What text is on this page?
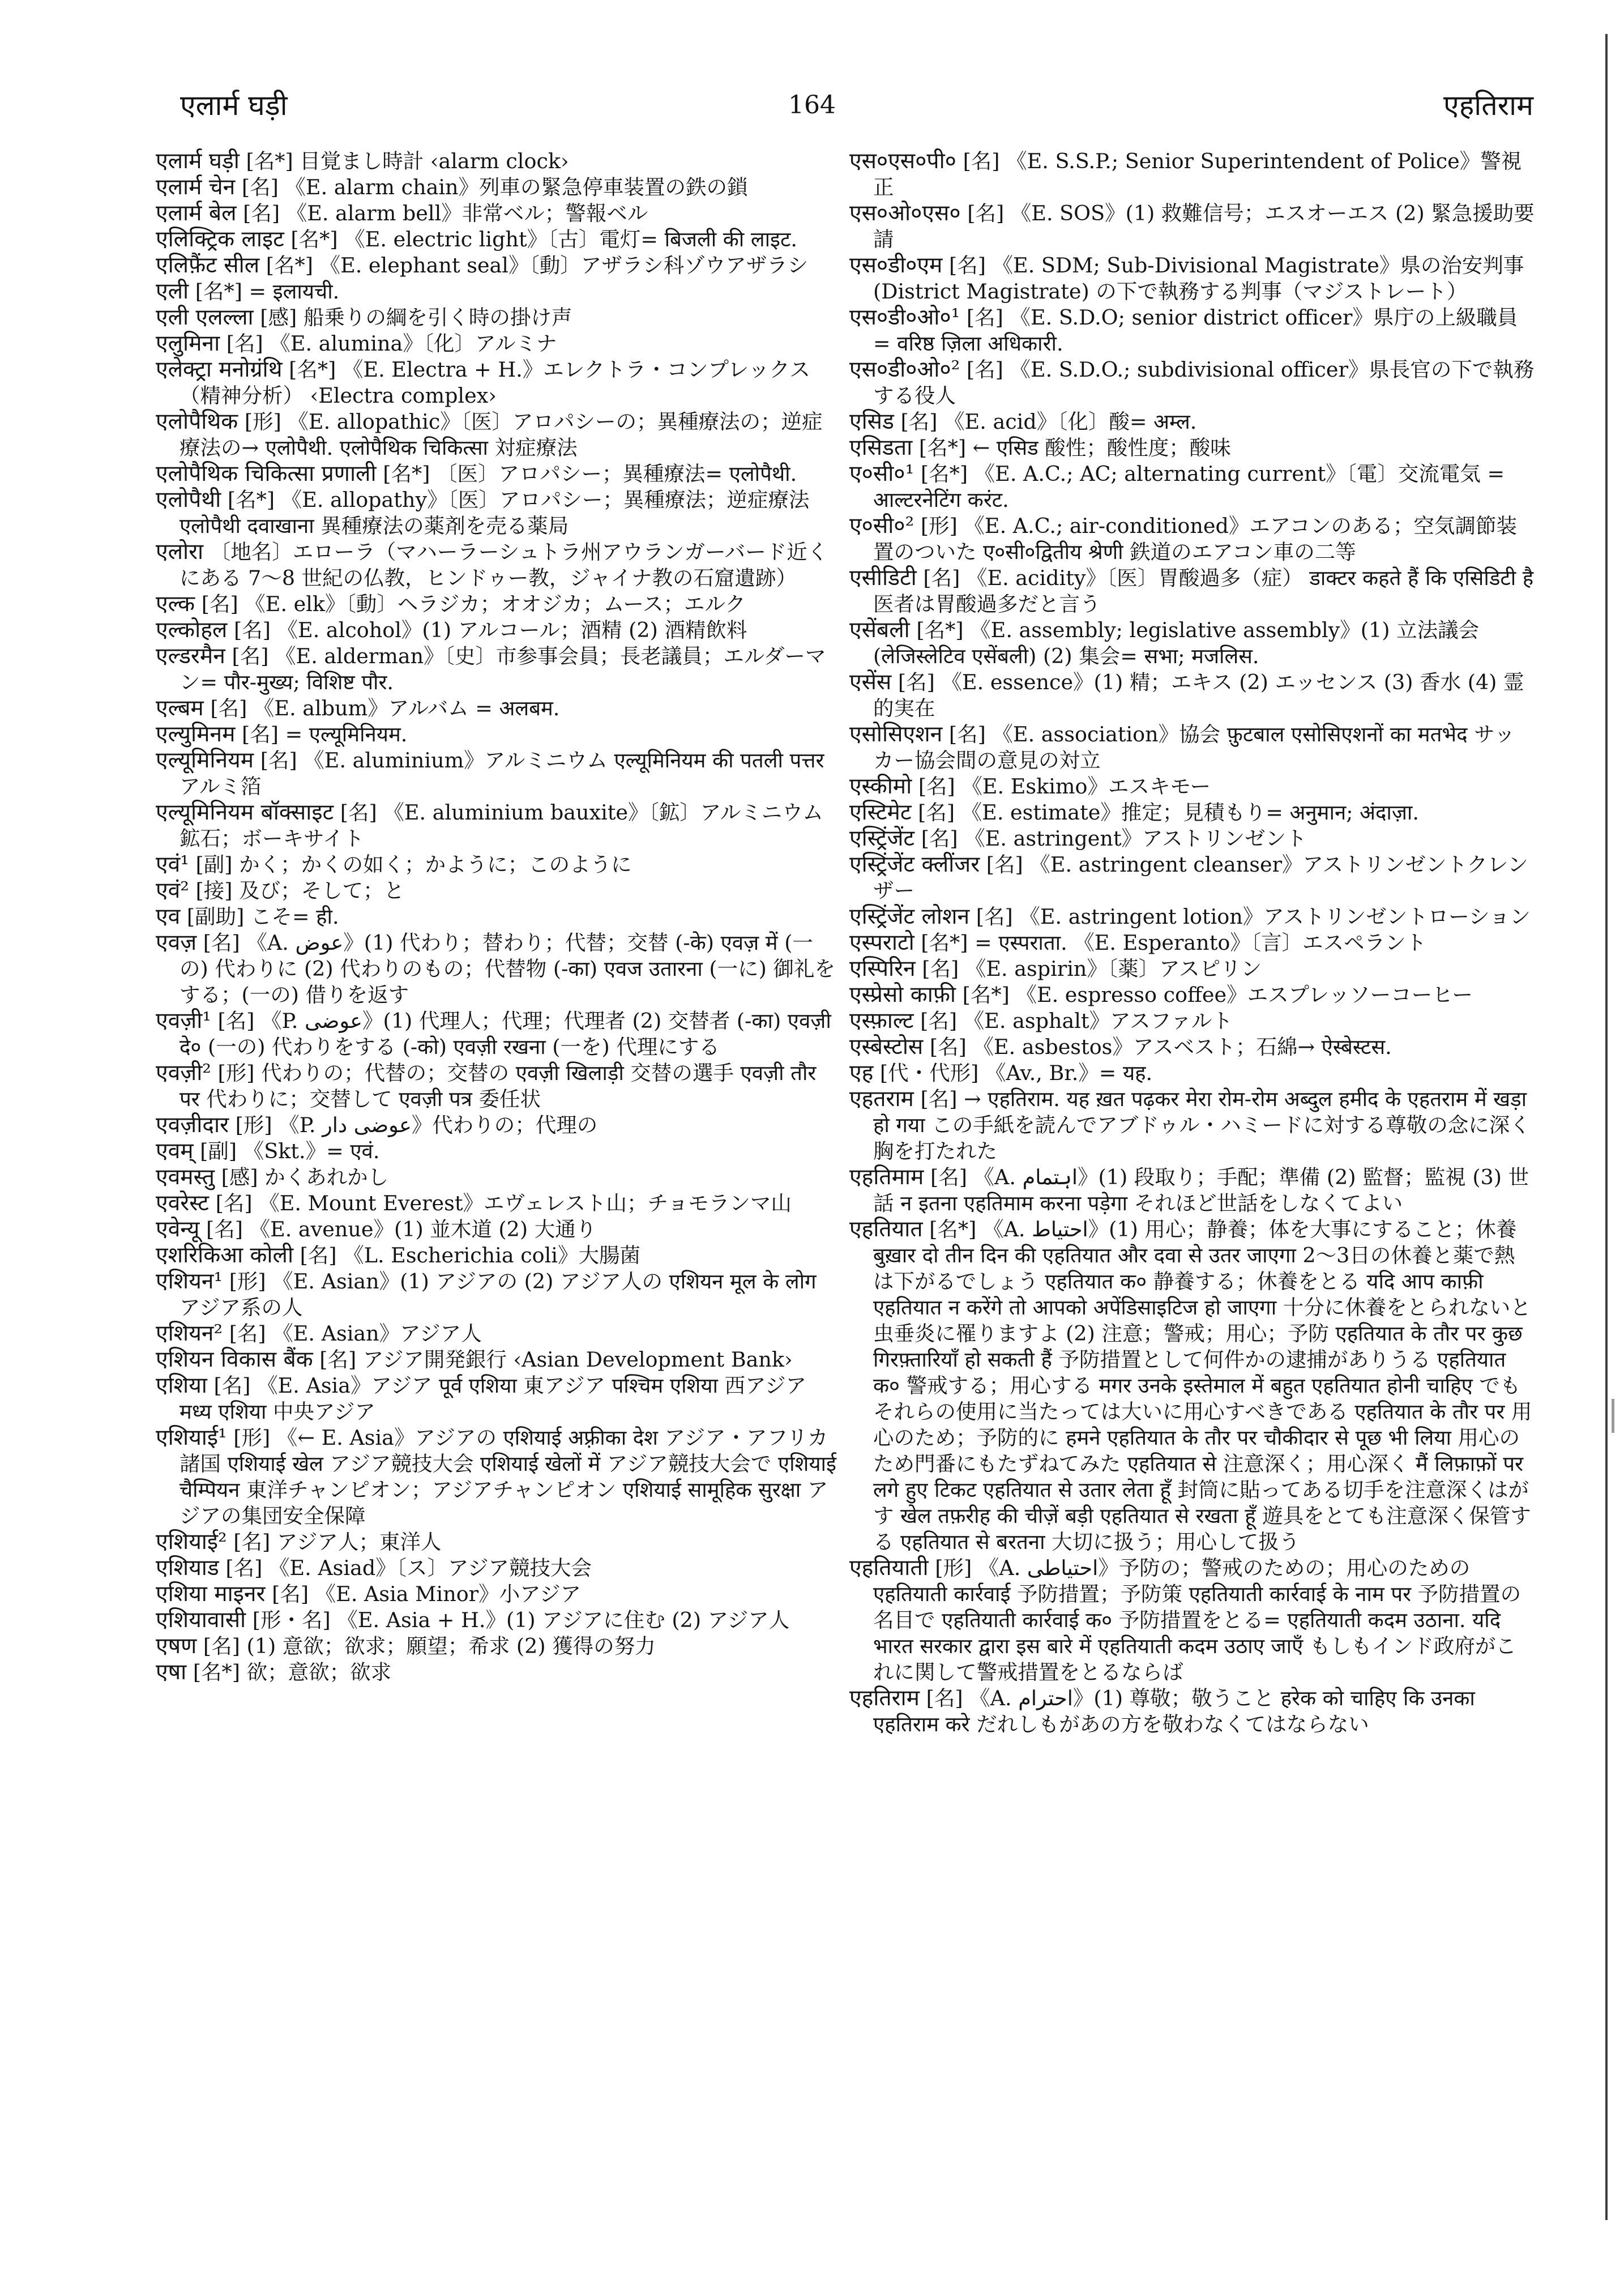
एलार्म घड़ी	164	एहतिराम

एलार्म घड़ी [名*] 目覚まし時計 ‹alarm clock›

एलार्म चेन [名] 《E. alarm chain》列車の緊急停車装置の鉄の鎖

एलार्म बेल [名] 《E. alarm bell》非常ベル；警報ベル

एलिक्ट्रिक लाइट [名*] 《E. electric light》〔古〕電灯= बिजली की लाइट.

एलिफ़ैंट सील [名*] 《E. elephant seal》〔動〕アザラシ科ゾウアザラシ

एली [名*] = इलायची.

एली एलल्ला [感] 船乗りの綱を引く時の掛け声

एलुमिना [名] 《E. alumina》〔化〕アルミナ

एलेक्ट्रा मनोग्रंथि [名*] 《E. Electra + H.》エレクトラ・コンプレックス（精神分析） ‹Electra complex›

एलोपैथिक [形] 《E. allopathic》〔医〕アロパシーの；異種療法の；逆症療法の→ एलोपैथी. एलोपैथिक चिकित्सा 対症療法

एलोपैथिक चिकित्सा प्रणाली [名*] 〔医〕アロパシー；異種療法= एलोपैथी.

एलोपैथी [名*] 《E. allopathy》〔医〕アロパシー；異種療法；逆症療法 एलोपैथी दवाखाना 異種療法の薬剤を売る薬局

एलोरा 〔地名〕エローラ（マハーラーシュトラ州アウランガーバード近くにある 7〜8 世紀の仏教，ヒンドゥー教，ジャイナ教の石窟遺跡）

एल्क [名] 《E. elk》〔動〕ヘラジカ；オオジカ；ムース；エルク

एल्कोहल [名] 《E. alcohol》(1) アルコール；酒精 (2) 酒精飲料

एल्डरमैन [名] 《E. alderman》〔史〕市参事会員；長老議員；エルダーマン= पौर-मुख्य; विशिष्ट पौर.

एल्बम [名] 《E. album》アルバム = अलबम.

एल्युमिनम [名] = एल्यूमिनियम.

एल्यूमिनियम [名] 《E. aluminium》アルミニウム एल्यूमिनियम की पतली पत्तर アルミ箔

एल्यूमिनियम बॉक्साइट [名] 《E. aluminium bauxite》〔鉱〕アルミニウム鉱石；ボーキサイト

एवं¹ [副] かく；かくの如く；かように；このように

एवं² [接] 及び；そして；と

एव [副助] こそ= ही.

एवज़ [名] 《A. عوض》(1) 代わり；替わり；代替；交替 (-के) एवज़ में (一の) 代わりに (2) 代わりのもの；代替物 (-का) एवज उतारना (一に) 御礼をする；(一の) 借りを返す

एवज़ी¹ [名] 《P. عوضی》(1) 代理人；代理；代理者 (2) 交替者 (-का) एवज़ी दे० (一の) 代わりをする (-को) एवज़ी रखना (一を) 代理にする

एवज़ी² [形] 代わりの；代替の；交替の एवज़ी खिलाड़ी 交替の選手 एवज़ी तौर पर 代わりに；交替して एवज़ी पत्र 委任状

एवज़ीदार [形] 《P. عوضی دار》代わりの；代理の

एवम् [副] 《Skt.》= एवं.

एवमस्तु [感] かくあれかし

एवरेस्ट [名] 《E. Mount Everest》エヴェレスト山；チョモランマ山

एवेन्यू [名] 《E. avenue》(1) 並木道 (2) 大通り

एशरिकिआ कोली [名] 《L. Escherichia coli》大腸菌

एशियन¹ [形] 《E. Asian》(1) アジアの (2) アジア人の एशियन मूल के लोग アジア系の人

एशियन² [名] 《E. Asian》アジア人

एशियन विकास बैंक [名] アジア開発銀行 ‹Asian Development Bank›

एशिया [名] 《E. Asia》アジア पूर्व एशिया 東アジア पश्चिम एशिया 西アジア मध्य एशिया 中央アジア

एशियाई¹ [形] 《← E. Asia》アジアの एशियाई अफ़्रीका देश アジア・アフリカ諸国 एशियाई खेल アジア競技大会 एशियाई खेलों में アジア競技大会で एशियाई चैम्पियन 東洋チャンピオン；アジアチャンピオン एशियाई सामूहिक सुरक्षा アジアの集団安全保障

एशियाई² [名] アジア人；東洋人

एशियाड [名] 《E. Asiad》〔ス〕アジア競技大会

एशिया माइनर [名] 《E. Asia Minor》小アジア

एशियावासी [形・名] 《E. Asia + H.》(1) アジアに住む (2) アジア人

एषण [名] (1) 意欲；欲求；願望；希求 (2) 獲得の努力

एषा [名*] 欲；意欲；欲求

एस०एस०पी० [名] 《E. S.S.P.; Senior Superintendent of Police》警視正

एस०ओ०एस० [名] 《E. SOS》(1) 救難信号；エスオーエス (2) 緊急援助要請

एस०डी०एम [名] 《E. SDM; Sub-Divisional Magistrate》県の治安判事 (District Magistrate) の下で執務する判事（マジストレート）

एस०डी०ओ०¹ [名] 《E. S.D.O; senior district officer》県庁の上級職員= वरिष्ठ ज़िला अधिकारी.

एस०डी०ओ०² [名] 《E. S.D.O.; subdivisional officer》県長官の下で執務する役人

एसिड [名] 《E. acid》〔化〕酸= अम्ल.

एसिडता [名*] ← एसिड 酸性；酸性度；酸味

ए०सी०¹ [名*] 《E. A.C.; AC; alternating current》〔電〕交流電気 = आल्टरनेटिंग करंट.

ए०सी०² [形] 《E. A.C.; air-conditioned》エアコンのある；空気調節装置のついた ए०सी०द्वितीय श्रेणी 鉄道のエアコン車の二等

एसीडिटी [名] 《E. acidity》〔医〕胃酸過多（症） डाक्टर कहते हैं कि एसिडिटी है 医者は胃酸過多だと言う

एसेंबली [名*] 《E. assembly; legislative assembly》(1) 立法議会 (लेजिस्लेटिव एसेंबली) (2) 集会= सभा; मजलिस.

एसेंस [名] 《E. essence》(1) 精；エキス (2) エッセンス (3) 香水 (4) 霊的実在

एसोसिएशन [名] 《E. association》協会 फ़ुटबाल एसोसिएशनों का मतभेद サッカー協会間の意見の対立

एस्कीमो [名] 《E. Eskimo》エスキモー

एस्टिमेट [名] 《E. estimate》推定；見積もり= अनुमान; अंदाज़ा.

एस्ट्रिंजेंट [名] 《E. astringent》アストリンゼント

एस्ट्रिंजेंट क्लींजर [名] 《E. astringent cleanser》アストリンゼントクレンザー

एस्ट्रिंजेंट लोशन [名] 《E. astringent lotion》アストリンゼントローション

एस्पराटो [名*] = एस्पराता. 《E. Esperanto》〔言〕エスペラント

एस्पिरिन [名] 《E. aspirin》〔薬〕アスピリン

एस्प्रेसो काफ़ी [名*] 《E. espresso coffee》エスプレッソーコーヒー

एस्फ़ाल्ट [名] 《E. asphalt》アスファルト

एस्बेस्टोस [名] 《E. asbestos》アスベスト；石綿→ ऐस्बेस्टस.

एह [代・代形] 《Av., Br.》= यह.

एहतराम [名] → एहतिराम. यह ख़त पढ़कर मेरा रोम-रोम अब्दुल हमीद के एहतराम में खड़ा हो गया この手紙を読んでアブドゥル・ハミードに対する尊敬の念に深く胸を打たれた

एहतिमाम [名] 《A. اہتمام》(1) 段取り；手配；準備 (2) 監督；監視 (3) 世話 न इतना एहतिमाम करना पड़ेगा それほど世話をしなくてよい

एहतियात [名*] 《A. احتیاط》(1) 用心；静養；体を大事にすること；休養 बुख़ार दो तीन दिन की एहतियात और दवा से उतर जाएगा 2〜3日の休養と薬で熱は下がるでしょう एहतियात क० 静養する；休養をとる यदि आप काफ़ी एहतियात न करेंगे तो आपको अपेंडिसाइटिज हो जाएगा 十分に休養をとられないと虫垂炎に罹りますよ (2) 注意；警戒；用心；予防 एहतियात के तौर पर कुछ गिरफ़्तारियाँ हो सकती हैं 予防措置として何件かの逮捕がありうる एहतियात क० 警戒する；用心する मगर उनके इस्तेमाल में बहुत एहतियात होनी चाहिए でもそれらの使用に当たっては大いに用心すべきである एहतियात के तौर पर 用心のため；予防的に हमने एहतियात के तौर पर चौकीदार से पूछ भी लिया 用心のため門番にもたずねてみた एहतियात से 注意深く；用心深く मैं लिफ़ाफ़ों पर लगे हुए टिकट एहतियात से उतार लेता हूँ 封筒に貼ってある切手を注意深くはがす खेल तफ़रीह की चीज़ें बड़ी एहतियात से रखता हूँ 遊具をとても注意深く保管する एहतियात से बरतना 大切に扱う；用心して扱う

एहतियाती [形] 《A. احتیاطی》予防の；警戒のための；用心のための एहतियाती कार्रवाई 予防措置；予防策 एहतियाती कार्रवाई के नाम पर 予防措置の名目で एहतियाती कार्रवाई क० 予防措置をとる= एहतियाती कदम उठाना. यदि भारत सरकार द्वारा इस बारे में एहतियाती कदम उठाए जाएँ もしもインド政府がこれに関して警戒措置をとるならば

एहतिराम [名] 《A. احترام》(1) 尊敬；敬うこと हरेक को चाहिए कि उनका एहतिराम करे だれしもがあの方を敬わなくてはならない
